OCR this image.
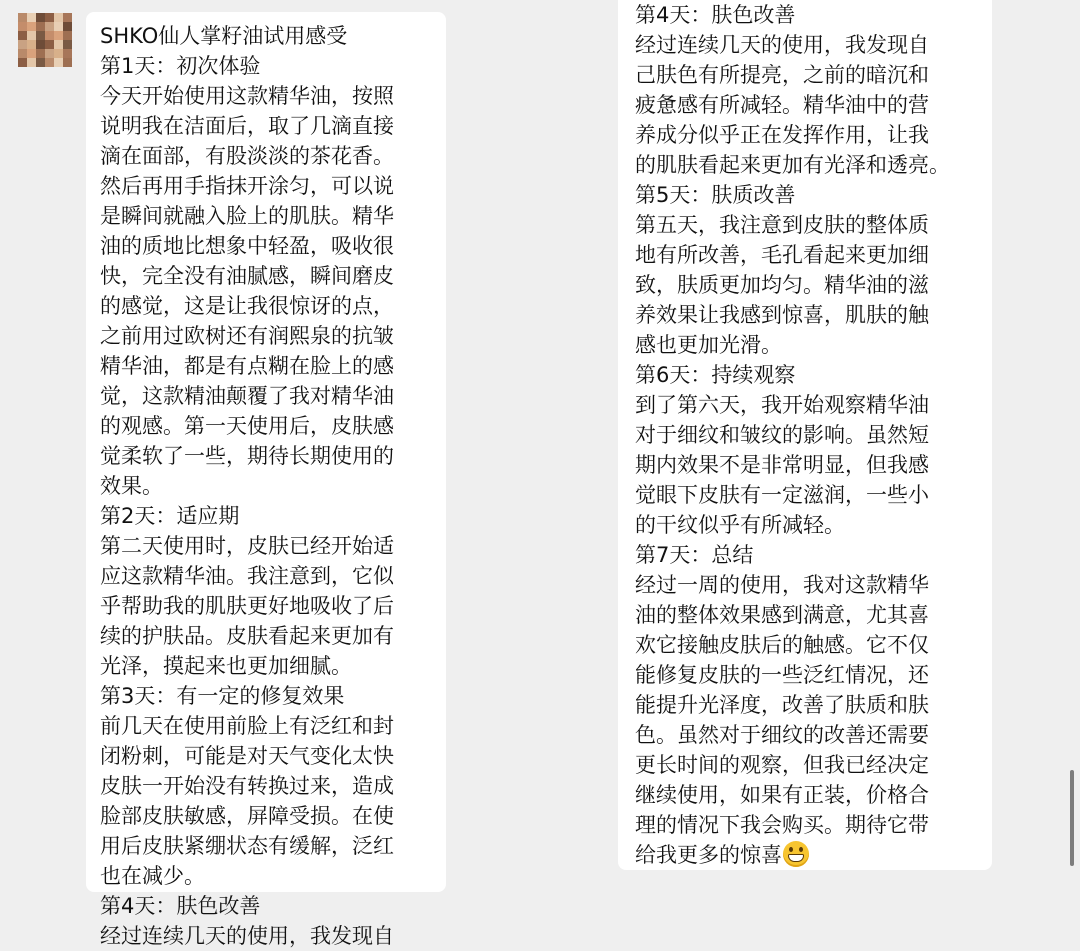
SHKO仙人掌籽油试用感受
第1天：初次体验
今天开始使用这款精华油，按照
说明我在洁面后，取了几滴直接
滴在面部，有股淡淡的茶花香。
然后再用手指抹开涂匀，可以说
是瞬间就融入脸上的肌肤。精华
油的质地比想象中轻盈，吸收很
快，完全没有油腻感，瞬间磨皮
的感觉，这是让我很惊讶的点，
之前用过欧树还有润熙泉的抗皱
精华油，都是有点糊在脸上的感
觉，这款精油颠覆了我对精华油
的观感。第一天使用后，皮肤感
觉柔软了一些，期待长期使用的
效果。
第2天：适应期
第二天使用时，皮肤已经开始适
应这款精华油。我注意到，它似
乎帮助我的肌肤更好地吸收了后
续的护肤品。皮肤看起来更加有
光泽，摸起来也更加细腻。
第3天：有一定的修复效果
前几天在使用前脸上有泛红和封
闭粉刺，可能是对天气变化太快
皮肤一开始没有转换过来，造成
脸部皮肤敏感，屏障受损。在使
用后皮肤紧绷状态有缓解，泛红
也在减少。
第4天：肤色改善
经过连续几天的使用，我发现自
第4天：肤色改善
经过连续几天的使用，我发现自
己肤色有所提亮，之前的暗沉和
疲惫感有所减轻。精华油中的营
养成分似乎正在发挥作用，让我
的肌肤看起来更加有光泽和透亮。
第5天：肤质改善
第五天，我注意到皮肤的整体质
地有所改善，毛孔看起来更加细
致，肤质更加均匀。精华油的滋
养效果让我感到惊喜，肌肤的触
感也更加光滑。
第6天：持续观察
到了第六天，我开始观察精华油
对于细纹和皱纹的影响。虽然短
期内效果不是非常明显，但我感
觉眼下皮肤有一定滋润，一些小
的干纹似乎有所减轻。
第7天：总结
经过一周的使用，我对这款精华
油的整体效果感到满意，尤其喜
欢它接触皮肤后的触感。它不仅
能修复皮肤的一些泛红情况，还
能提升光泽度，改善了肤质和肤
色。虽然对于细纹的改善还需要
更长时间的观察，但我已经决定
继续使用，如果有正装，价格合
理的情况下我会购买。期待它带
给我更多的惊喜
